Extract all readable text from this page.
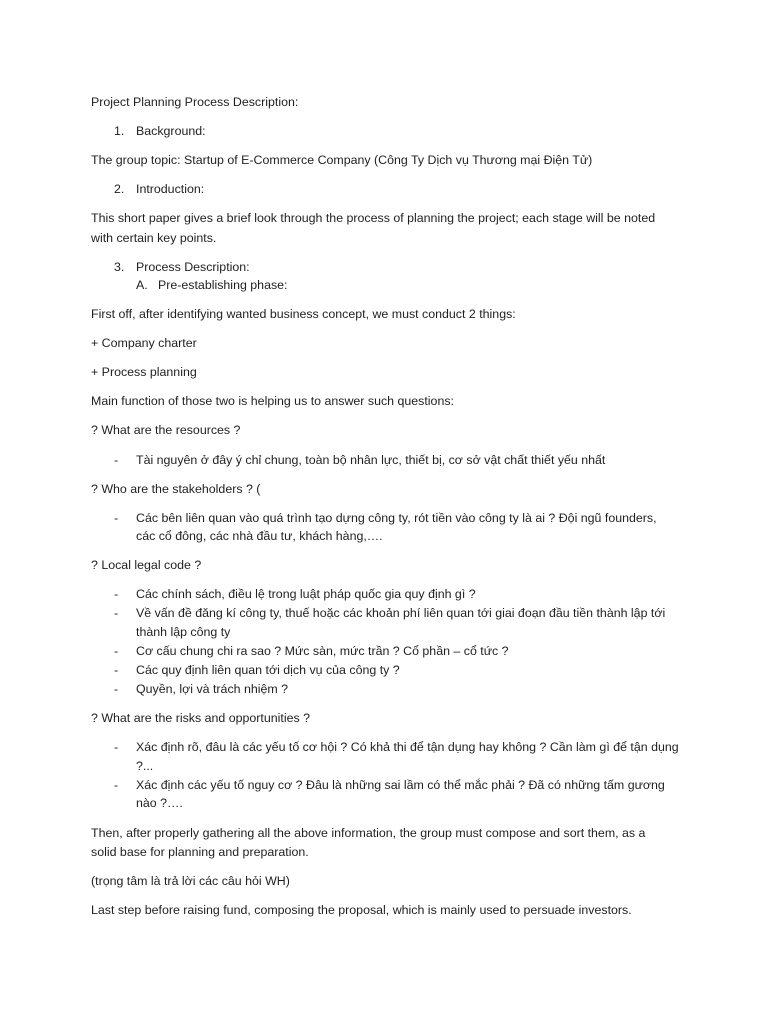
Project Planning Process Description:
1. Background:
The group topic: Startup of E-Commerce Company (Công Ty Dịch vụ Thương mại Điện Tử)
2. Introduction:
This short paper gives a brief look through the process of planning the project; each stage will be noted
with certain key points.
3. Process Description:
A. Pre-establishing phase:
First off, after identifying wanted business concept, we must conduct 2 things:
+ Company charter
+ Process planning
Main function of those two is helping us to answer such questions:
? What are the resources ?
- Tài nguyên ở đây ý chỉ chung, toàn bộ nhân lực, thiết bị, cơ sở vật chất thiết yếu nhất
? Who are the stakeholders ? (
- Các bên liên quan vào quá trình tạo dựng công ty, rót tiền vào công ty là ai ? Đội ngũ founders,
các cổ đông, các nhà đầu tư, khách hàng,….
? Local legal code ?
- Các chính sách, điều lệ trong luật pháp quốc gia quy định gì ?
- Về vấn đề đăng kí công ty, thuế hoặc các khoản phí liên quan tới giai đoạn đầu tiền thành lập tới
thành lập công ty
- Cơ cấu chung chi ra sao ? Mức sàn, mức trần ? Cổ phần – cổ tức ?
- Các quy định liên quan tới dịch vụ của công ty ?
- Quyền, lợi và trách nhiệm ?
? What are the risks and opportunities ?
- Xác định rõ, đâu là các yếu tố cơ hội ? Có khả thi để tận dụng hay không ? Cần làm gì để tận dụng
?...
- Xác định các yếu tố nguy cơ ? Đâu là những sai lầm có thể mắc phải ? Đã có những tấm gương
nào ?….
Then, after properly gathering all the above information, the group must compose and sort them, as a
solid base for planning and preparation.
(trọng tâm là trả lời các câu hỏi WH)
Last step before raising fund, composing the proposal, which is mainly used to persuade investors.
